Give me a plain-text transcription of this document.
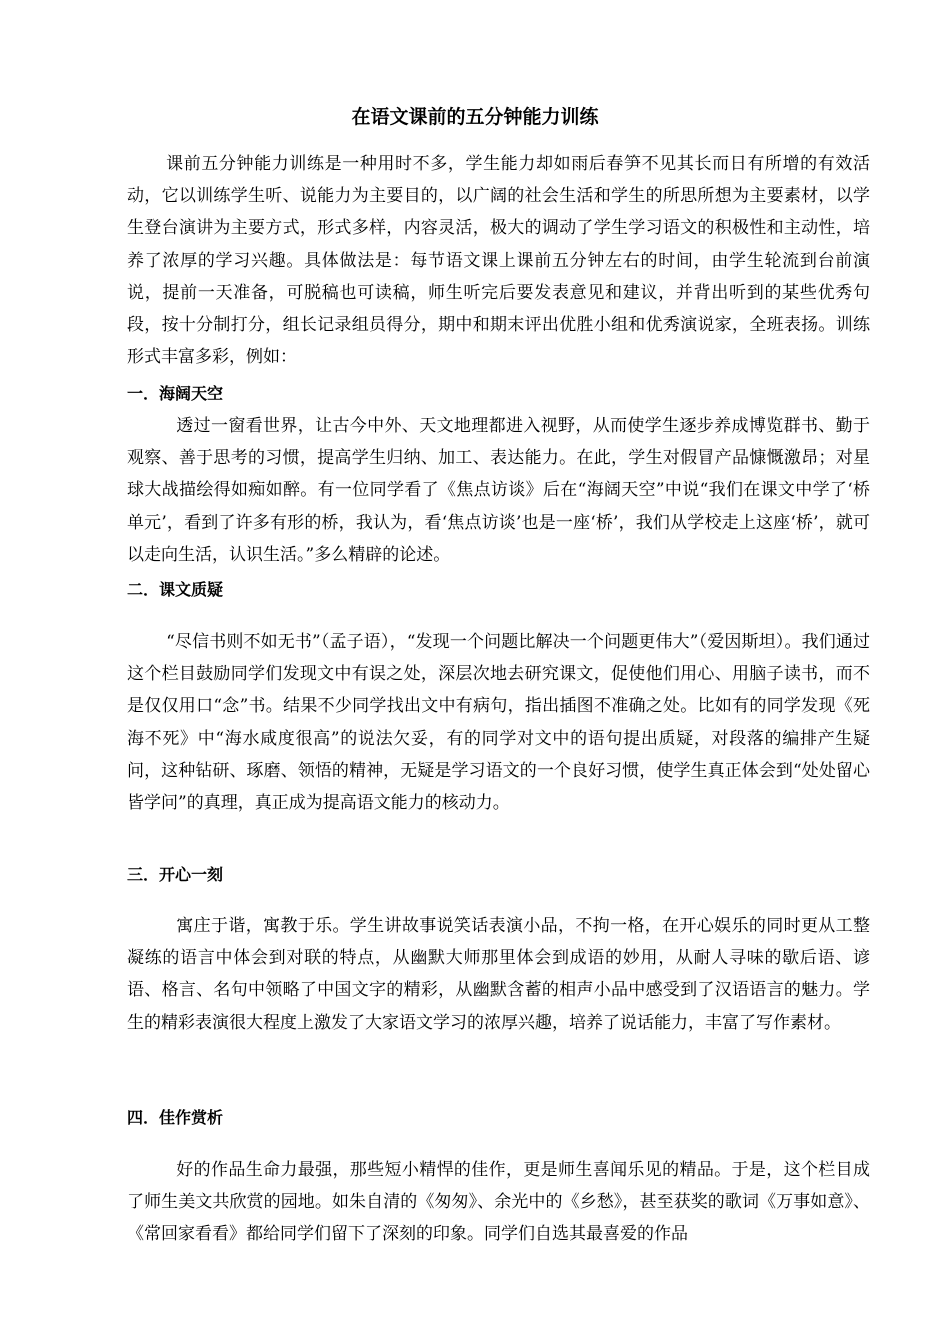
在语文课前的五分钟能力训练

课前五分钟能力训练是一种用时不多，学生能力却如雨后春笋不见其长而日有所增的有效活动，它以训练学生听、说能力为主要目的，以广阔的社会生活和学生的所思所想为主要素材，以学生登台演讲为主要方式，形式多样，内容灵活，极大的调动了学生学习语文的积极性和主动性，培养了浓厚的学习兴趣。具体做法是：每节语文课上课前五分钟左右的时间，由学生轮流到台前演说，提前一天准备，可脱稿也可读稿，师生听完后要发表意见和建议，并背出听到的某些优秀句段，按十分制打分，组长记录组员得分，期中和期末评出优胜小组和优秀演说家，全班表扬。训练形式丰富多彩，例如：

一．海阔天空

透过一窗看世界，让古今中外、天文地理都进入视野，从而使学生逐步养成博览群书、勤于观察、善于思考的习惯，提高学生归纳、加工、表达能力。在此，学生对假冒产品慷慨激昂；对星球大战描绘得如痴如醉。有一位同学看了《焦点访谈》后在“海阔天空”中说“我们在课文中学了‘桥单元’，看到了许多有形的桥，我认为，看‘焦点访谈’也是一座‘桥’，我们从学校走上这座‘桥’，就可以走向生活，认识生活。”多么精辟的论述。

二．课文质疑

“尽信书则不如无书”（孟子语），“发现一个问题比解决一个问题更伟大”（爱因斯坦）。我们通过这个栏目鼓励同学们发现文中有误之处，深层次地去研究课文，促使他们用心、用脑子读书，而不是仅仅用口“念”书。结果不少同学找出文中有病句，指出插图不准确之处。比如有的同学发现《死海不死》中“海水咸度很高”的说法欠妥，有的同学对文中的语句提出质疑，对段落的编排产生疑问，这种钻研、琢磨、领悟的精神，无疑是学习语文的一个良好习惯，使学生真正体会到“处处留心皆学问”的真理，真正成为提高语文能力的核动力。

三．开心一刻

寓庄于谐，寓教于乐。学生讲故事说笑话表演小品，不拘一格，在开心娱乐的同时更从工整凝练的语言中体会到对联的特点，从幽默大师那里体会到成语的妙用，从耐人寻味的歇后语、谚语、格言、名句中领略了中国文字的精彩，从幽默含蓄的相声小品中感受到了汉语语言的魅力。学生的精彩表演很大程度上激发了大家语文学习的浓厚兴趣，培养了说话能力，丰富了写作素材。

四．佳作赏析

好的作品生命力最强，那些短小精悍的佳作，更是师生喜闻乐见的精品。于是，这个栏目成了师生美文共欣赏的园地。如朱自清的《匆匆》、余光中的《乡愁》，甚至获奖的歌词《万事如意》、《常回家看看》都给同学们留下了深刻的印象。同学们自选其最喜爱的作品
